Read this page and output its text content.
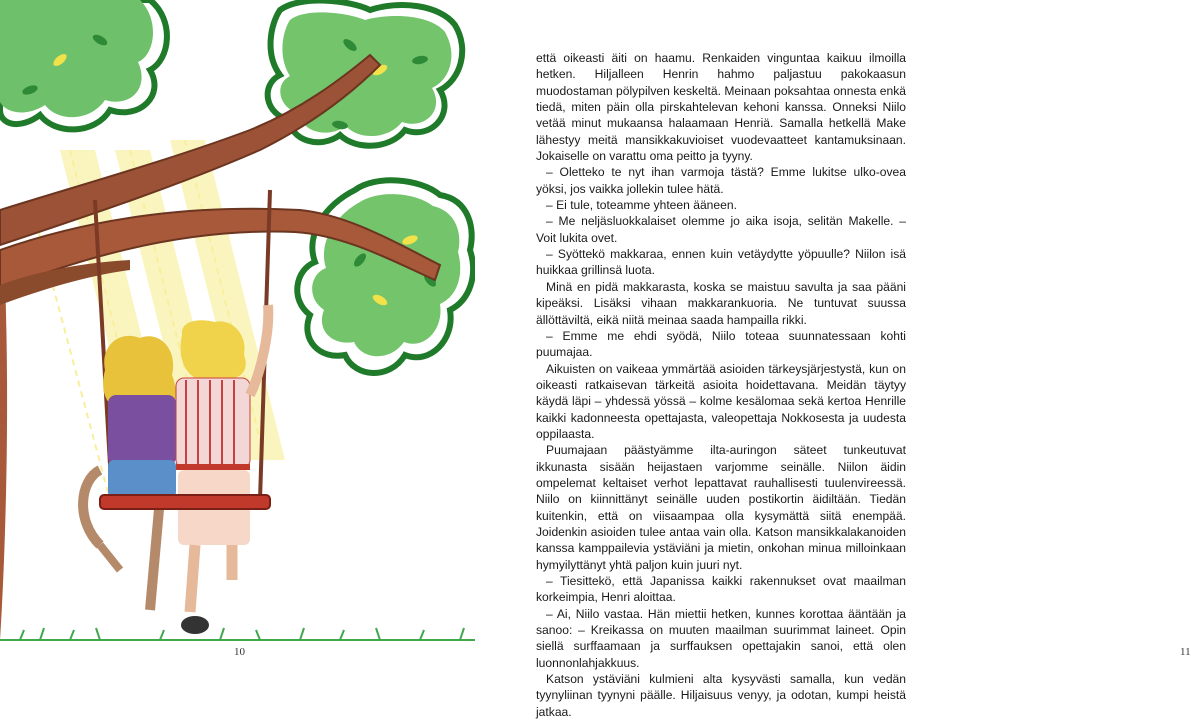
10

että oikeasti äiti on haamu. Renkaiden vinguntaa kaikuu ilmoilla hetken. Hiljalleen Henrin hahmo paljastuu pakokaasun muodostaman pölypilven keskeltä. Meinaan poksahtaa onnesta enkä tiedä, miten päin olla pirskahtelevan kehoni kanssa. Onneksi Niilo vetää minut mukaansa halaamaan Henriä. Samalla hetkellä Make lähestyy meitä mansikkakuvioiset vuodevaatteet kantamuksinaan. Jokaiselle on varattu oma peitto ja tyyny.

– Oletteko te nyt ihan varmoja tästä? Emme lukitse ulko-ovea yöksi, jos vaikka jollekin tulee hätä.

– Ei tule, toteamme yhteen ääneen.

– Me neljäsluokkalaiset olemme jo aika isoja, selitän Makelle. – Voit lukita ovet.

– Syöttekö makkaraa, ennen kuin vetäydytte yöpuulle? Niilon isä huikkaa grillinsä luota.

Minä en pidä makkarasta, koska se maistuu savulta ja saa pääni kipeäksi. Lisäksi vihaan makkarankuoria. Ne tuntuvat suussa ällöttäviltä, eikä niitä meinaa saada hampailla rikki.

– Emme me ehdi syödä, Niilo toteaa suunnatessaan kohti puumajaa.

Aikuisten on vaikeaa ymmärtää asioiden tärkeysjärjestystä, kun on oikeasti ratkaisevan tärkeitä asioita hoidettavana. Meidän täytyy käydä läpi – yhdessä yössä – kolme kesälomaa sekä kertoa Henrille kaikki kadonneesta opettajasta, valeopettaja Nokkosesta ja uudesta oppilaasta.

Puumajaan päästyämme ilta-auringon säteet tunkeutuvat ikkunasta sisään heijastaen varjomme seinälle. Niilon äidin ompelemat keltaiset verhot lepattavat rauhallisesti tuulenvireessä. Niilo on kiinnittänyt seinälle uuden postikortin äidiltään. Tiedän kuitenkin, että on viisaampaa olla kysymättä siitä enempää. Joidenkin asioiden tulee antaa vain olla. Katson mansikkalakanoiden kanssa kamppailevia ystäviäni ja mietin, onkohan minua milloinkaan hymyilyttänyt yhtä paljon kuin juuri nyt.

– Tiesittekö, että Japanissa kaikki rakennukset ovat maailman korkeimpia, Henri aloittaa.

– Ai, Niilo vastaa. Hän miettii hetken, kunnes korottaa ääntään ja sanoo: – Kreikassa on muuten maailman suurimmat laineet. Opin siellä surffaamaan ja surffauksen opettajakin sanoi, että olen luonnonlahjakkuus.

Katson ystäviäni kulmieni alta kysyvästi samalla, kun vedän tyynyliinan tyynyni päälle. Hiljaisuus venyy, ja odotan, kumpi heistä jatkaa.

11
